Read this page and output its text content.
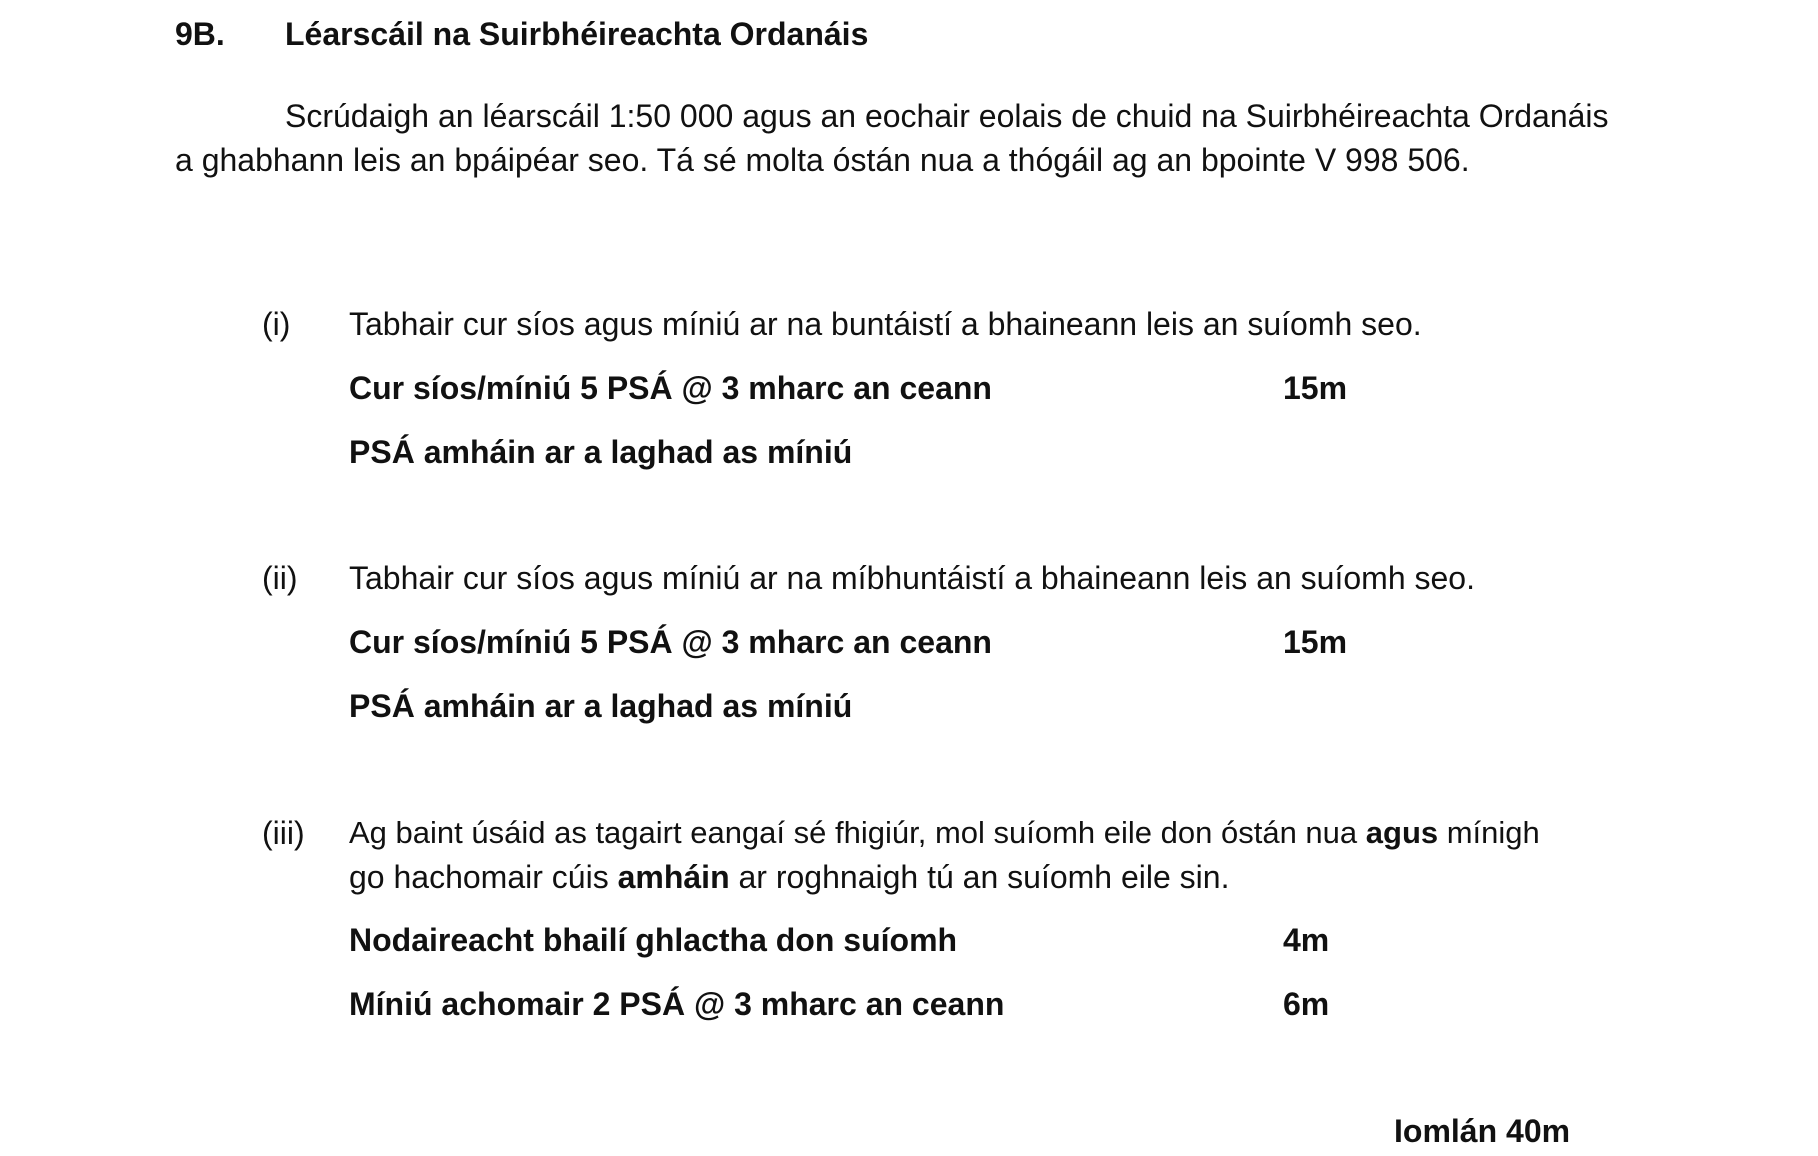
9B. Léarscáil na Suirbhéireachta Ordanáis
Scrúdaigh an léarscáil 1:50 000 agus an eochair eolais de chuid na Suirbhéireachta Ordanáis
a ghabhann leis an bpáipéar seo. Tá sé molta óstán nua a thógáil ag an bpointe V 998 506.
(i) Tabhair cur síos agus míniú ar na buntáistí a bhaineann leis an suíomh seo.
Cur síos/míniú 5 PSÁ @ 3 mharc an ceann	15m
PSÁ amháin ar a laghad as míniú
(ii) Tabhair cur síos agus míniú ar na míbhuntáistí a bhaineann leis an suíomh seo.
Cur síos/míniú 5 PSÁ @ 3 mharc an ceann	15m
PSÁ amháin ar a laghad as míniú
(iii) Ag baint úsáid as tagairt eangaí sé fhigiúr, mol suíomh eile don óstán nua agus mínigh
go hachomair cúis amháin ar roghnaigh tú an suíomh eile sin.
Nodaireacht bhailí ghlactha don suíomh	4m
Míniú achomair 2 PSÁ @ 3 mharc an ceann	6m
Iomlán 40m
